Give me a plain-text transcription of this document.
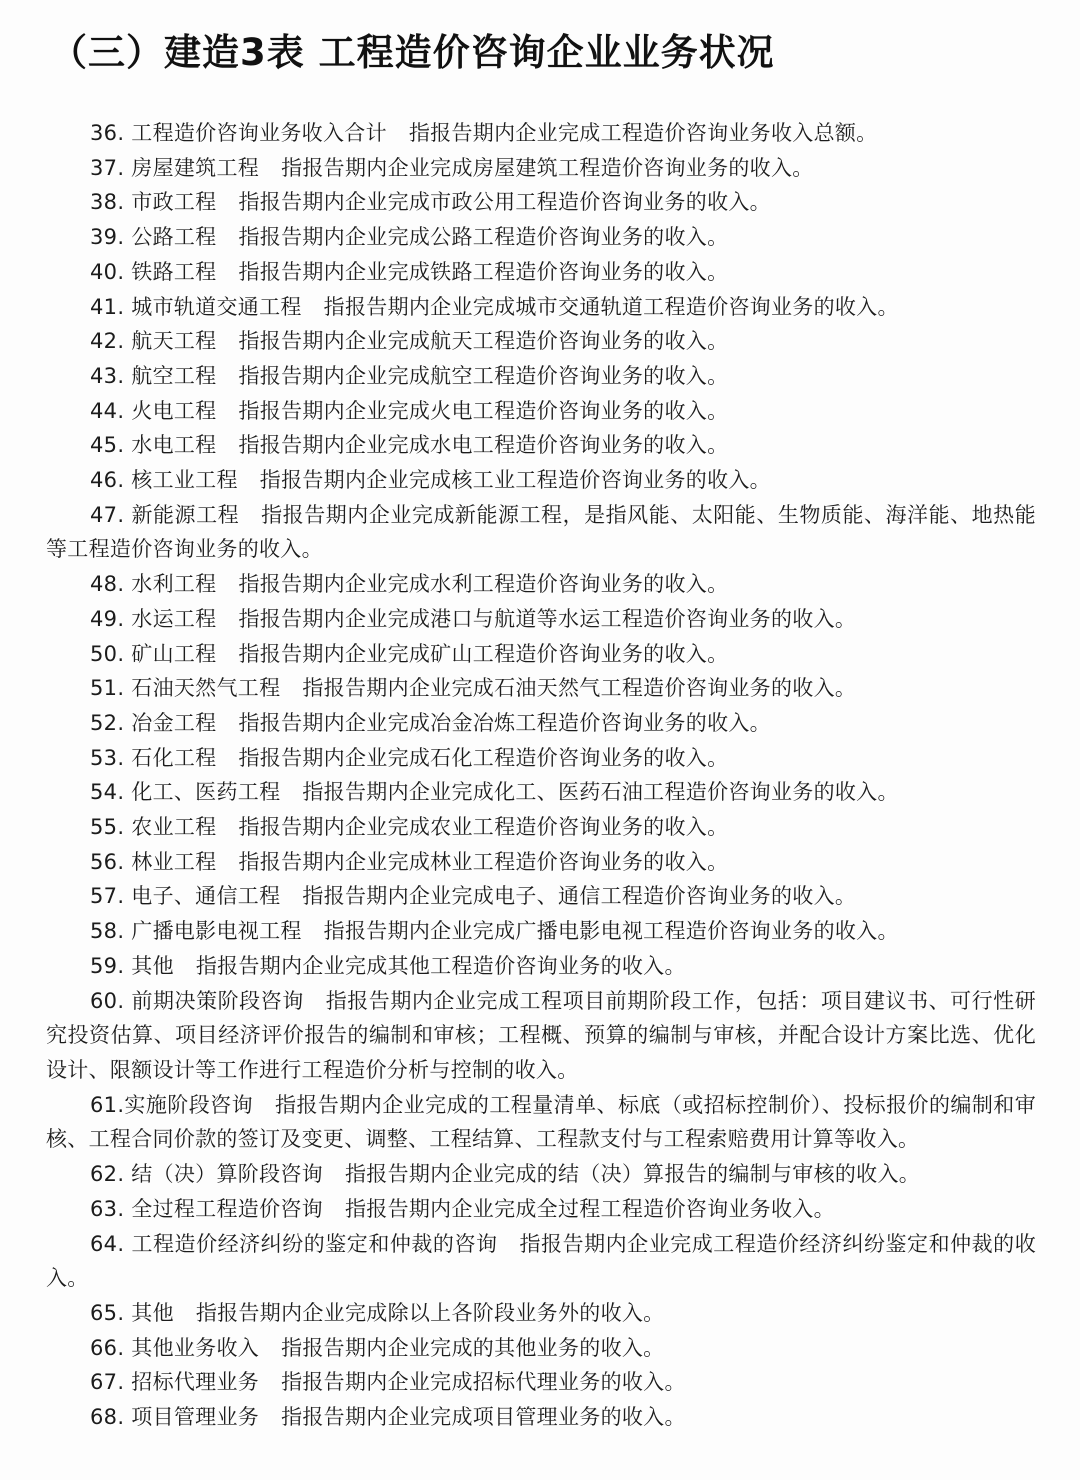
（三）建造3表 工程造价咨询企业业务状况
36. 工程造价咨询业务收入合计 指报告期内企业完成工程造价咨询业务收入总额。
37. 房屋建筑工程 指报告期内企业完成房屋建筑工程造价咨询业务的收入。
38. 市政工程 指报告期内企业完成市政公用工程造价咨询业务的收入。
39. 公路工程 指报告期内企业完成公路工程造价咨询业务的收入。
40. 铁路工程 指报告期内企业完成铁路工程造价咨询业务的收入。
41. 城市轨道交通工程 指报告期内企业完成城市交通轨道工程造价咨询业务的收入。
42. 航天工程 指报告期内企业完成航天工程造价咨询业务的收入。
43. 航空工程 指报告期内企业完成航空工程造价咨询业务的收入。
44. 火电工程 指报告期内企业完成火电工程造价咨询业务的收入。
45. 水电工程 指报告期内企业完成水电工程造价咨询业务的收入。
46. 核工业工程 指报告期内企业完成核工业工程造价咨询业务的收入。
47. 新能源工程 指报告期内企业完成新能源工程，是指风能、太阳能、生物质能、海洋能、地热能等工程造价咨询业务的收入。
48. 水利工程 指报告期内企业完成水利工程造价咨询业务的收入。
49. 水运工程 指报告期内企业完成港口与航道等水运工程造价咨询业务的收入。
50. 矿山工程 指报告期内企业完成矿山工程造价咨询业务的收入。
51. 石油天然气工程 指报告期内企业完成石油天然气工程造价咨询业务的收入。
52. 冶金工程 指报告期内企业完成冶金冶炼工程造价咨询业务的收入。
53. 石化工程 指报告期内企业完成石化工程造价咨询业务的收入。
54. 化工、医药工程 指报告期内企业完成化工、医药石油工程造价咨询业务的收入。
55. 农业工程 指报告期内企业完成农业工程造价咨询业务的收入。
56. 林业工程 指报告期内企业完成林业工程造价咨询业务的收入。
57. 电子、通信工程 指报告期内企业完成电子、通信工程造价咨询业务的收入。
58. 广播电影电视工程 指报告期内企业完成广播电影电视工程造价咨询业务的收入。
59. 其他 指报告期内企业完成其他工程造价咨询业务的收入。
60. 前期决策阶段咨询 指报告期内企业完成工程项目前期阶段工作，包括：项目建议书、可行性研究投资估算、项目经济评价报告的编制和审核；工程概、预算的编制与审核，并配合设计方案比选、优化设计、限额设计等工作进行工程造价分析与控制的收入。
61.实施阶段咨询 指报告期内企业完成的工程量清单、标底（或招标控制价）、投标报价的编制和审核、工程合同价款的签订及变更、调整、工程结算、工程款支付与工程索赔费用计算等收入。
62. 结（决）算阶段咨询 指报告期内企业完成的结（决）算报告的编制与审核的收入。
63. 全过程工程造价咨询 指报告期内企业完成全过程工程造价咨询业务收入。
64. 工程造价经济纠纷的鉴定和仲裁的咨询 指报告期内企业完成工程造价经济纠纷鉴定和仲裁的收入。
65. 其他 指报告期内企业完成除以上各阶段业务外的收入。
66. 其他业务收入 指报告期内企业完成的其他业务的收入。
67. 招标代理业务 指报告期内企业完成招标代理业务的收入。
68. 项目管理业务 指报告期内企业完成项目管理业务的收入。
